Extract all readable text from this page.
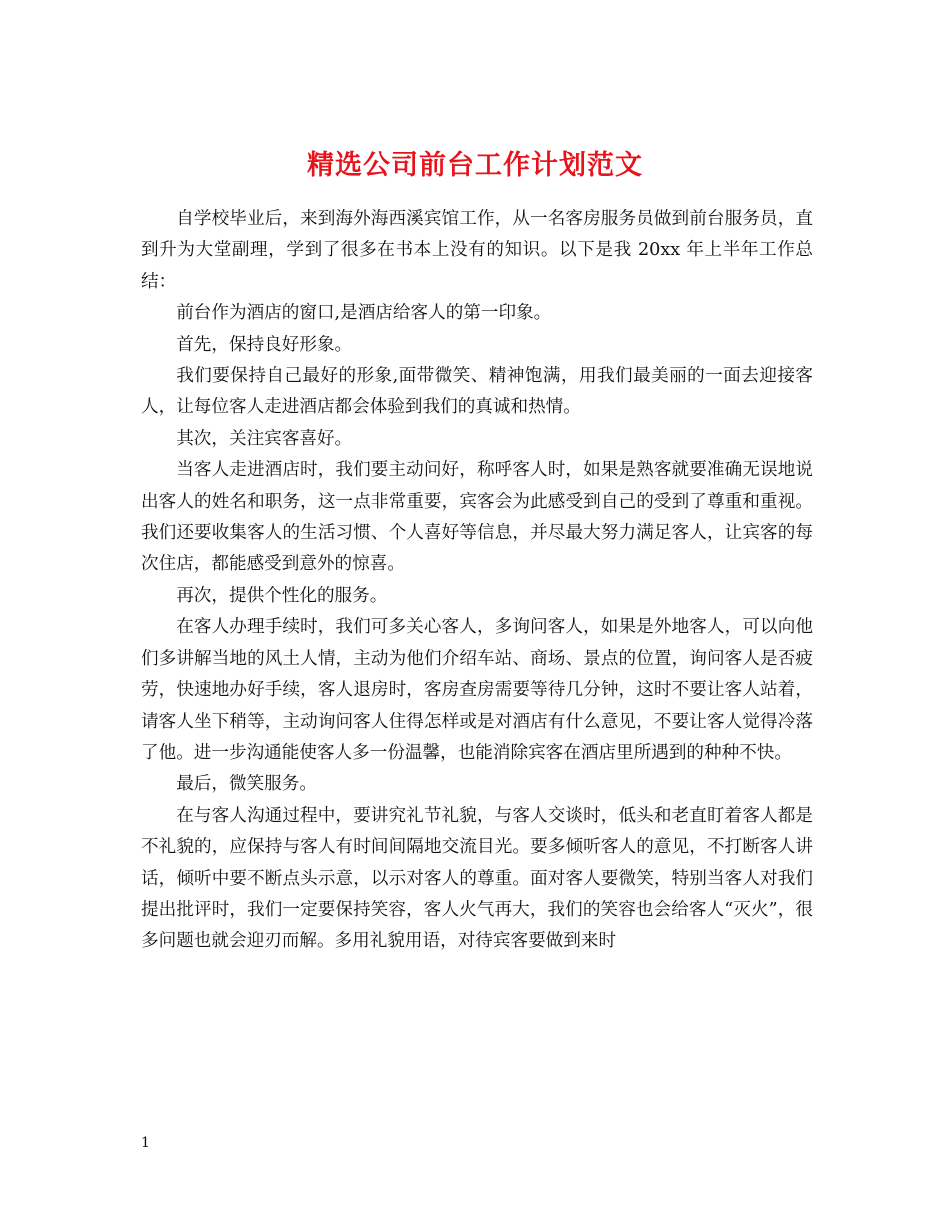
精选公司前台工作计划范文

自学校毕业后，来到海外海西溪宾馆工作，从一名客房服务员做到前台服务员，直到升为大堂副理，学到了很多在书本上没有的知识。以下是我 20xx 年上半年工作总结：

前台作为酒店的窗口,是酒店给客人的第一印象。

首先，保持良好形象。

我们要保持自己最好的形象,面带微笑、精神饱满，用我们最美丽的一面去迎接客人，让每位客人走进酒店都会体验到我们的真诚和热情。

其次，关注宾客喜好。

当客人走进酒店时，我们要主动问好，称呼客人时，如果是熟客就要准确无误地说出客人的姓名和职务，这一点非常重要，宾客会为此感受到自己的受到了尊重和重视。我们还要收集客人的生活习惯、个人喜好等信息，并尽最大努力满足客人，让宾客的每次住店，都能感受到意外的惊喜。

再次，提供个性化的服务。

在客人办理手续时，我们可多关心客人，多询问客人，如果是外地客人，可以向他们多讲解当地的风土人情，主动为他们介绍车站、商场、景点的位置，询问客人是否疲劳，快速地办好手续，客人退房时，客房查房需要等待几分钟，这时不要让客人站着，请客人坐下稍等，主动询问客人住得怎样或是对酒店有什么意见，不要让客人觉得冷落了他。进一步沟通能使客人多一份温馨，也能消除宾客在酒店里所遇到的种种不快。

最后，微笑服务。

在与客人沟通过程中，要讲究礼节礼貌，与客人交谈时，低头和老直盯着客人都是不礼貌的，应保持与客人有时间间隔地交流目光。要多倾听客人的意见，不打断客人讲话，倾听中要不断点头示意，以示对客人的尊重。面对客人要微笑，特别当客人对我们提出批评时，我们一定要保持笑容，客人火气再大，我们的笑容也会给客人“灭火”，很多问题也就会迎刃而解。多用礼貌用语，对待宾客要做到来时

1
